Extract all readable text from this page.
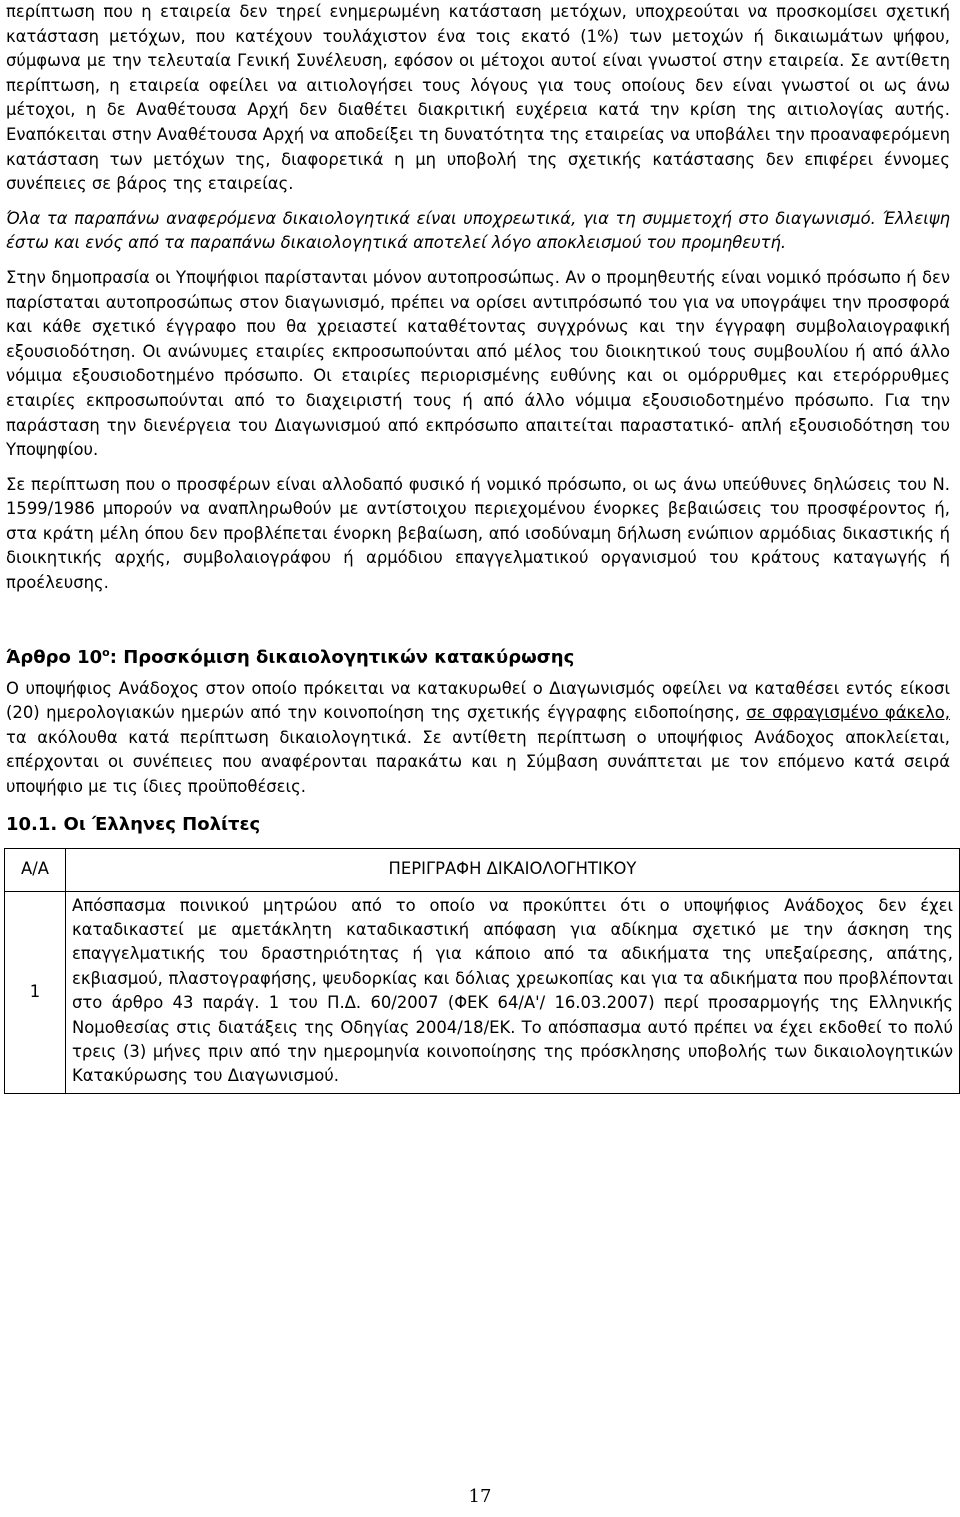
περίπτωση που η εταιρεία δεν τηρεί ενημερωμένη κατάσταση μετόχων, υποχρεούται να προσκομίσει σχετική κατάσταση μετόχων, που κατέχουν τουλάχιστον ένα τοις εκατό (1%) των μετοχών ή δικαιωμάτων ψήφου, σύμφωνα με την τελευταία Γενική Συνέλευση, εφόσον οι μέτοχοι αυτοί είναι γνωστοί στην εταιρεία. Σε αντίθετη περίπτωση, η εταιρεία οφείλει να αιτιολογήσει τους λόγους για τους οποίους δεν είναι γνωστοί οι ως άνω μέτοχοι, η δε Αναθέτουσα Αρχή δεν διαθέτει διακριτική ευχέρεια κατά την κρίση της αιτιολογίας αυτής. Εναπόκειται στην Αναθέτουσα Αρχή να αποδείξει τη δυνατότητα της εταιρείας να υποβάλει την προαναφερόμενη κατάσταση των μετόχων της, διαφορετικά η μη υποβολή της σχετικής κατάστασης δεν επιφέρει έννομες συνέπειες σε βάρος της εταιρείας.

Όλα τα παραπάνω αναφερόμενα δικαιολογητικά είναι υποχρεωτικά, για τη συμμετοχή στο διαγωνισμό. Έλλειψη έστω και ενός από τα παραπάνω δικαιολογητικά αποτελεί λόγο αποκλεισμού του προμηθευτή.

Στην δημοπρασία οι Υποψήφιοι παρίστανται μόνον αυτοπροσώπως. Αν ο προμηθευτής είναι νομικό πρόσωπο ή δεν παρίσταται αυτοπροσώπως στον διαγωνισμό, πρέπει να ορίσει αντιπρόσωπό του για να υπογράψει την προσφορά και κάθε σχετικό έγγραφο που θα χρειαστεί καταθέτοντας συγχρόνως και την έγγραφη συμβολαιογραφική εξουσιοδότηση. Οι ανώνυμες εταιρίες εκπροσωπούνται από μέλος του διοικητικού τους συμβουλίου ή από άλλο νόμιμα εξουσιοδοτημένο πρόσωπο. Οι εταιρίες περιορισμένης ευθύνης και οι ομόρρυθμες και ετερόρρυθμες εταιρίες εκπροσωπούνται από το διαχειριστή τους ή από άλλο νόμιμα εξουσιοδοτημένο πρόσωπο. Για την παράσταση την διενέργεια του Διαγωνισμού από εκπρόσωπο απαιτείται παραστατικό- απλή εξουσιοδότηση του Υποψηφίου.

Σε περίπτωση που ο προσφέρων είναι αλλοδαπό φυσικό ή νομικό πρόσωπο, οι ως άνω υπεύθυνες δηλώσεις του Ν. 1599/1986 μπορούν να αναπληρωθούν με αντίστοιχου περιεχομένου ένορκες βεβαιώσεις του προσφέροντος ή, στα κράτη μέλη όπου δεν προβλέπεται ένορκη βεβαίωση, από ισοδύναμη δήλωση ενώπιον αρμόδιας δικαστικής ή διοικητικής αρχής, συμβολαιογράφου ή αρμόδιου επαγγελματικού οργανισμού του κράτους καταγωγής ή προέλευσης.

Άρθρο $10^o$: Προσκόμιση δικαιολογητικών κατακύρωσης

Ο υποψήφιος Ανάδοχος στον οποίο πρόκειται να κατακυρωθεί ο Διαγωνισμός οφείλει να καταθέσει εντός είκοσι (20) ημερολογιακών ημερών από την κοινοποίηση της σχετικής έγγραφης ειδοποίησης, σε σφραγισμένο φάκελο, τα ακόλουθα κατά περίπτωση δικαιολογητικά. Σε αντίθετη περίπτωση ο υποψήφιος Ανάδοχος αποκλείεται, επέρχονται οι συνέπειες που αναφέρονται παρακάτω και η Σύμβαση συνάπτεται με τον επόμενο κατά σειρά υποψήφιο με τις ίδιες προϋποθέσεις.

10.1. Οι Έλληνες Πολίτες
Α/Α	ΠΕΡΙΓΡΑΦΗ ΔΙΚΑΙΟΛΟΓΗΤΙΚΟΥ
1	Απόσπασμα ποινικού μητρώου από το οποίο να προκύπτει ότι ο υποψήφιος Ανάδοχος δεν έχει καταδικαστεί με αμετάκλητη καταδικαστική απόφαση για αδίκημα σχετικό με την άσκηση της επαγγελματικής του δραστηριότητας ή για κάποιο από τα αδικήματα της υπεξαίρεσης, απάτης, εκβιασμού, πλαστογραφήσης, ψευδορκίας και δόλιας χρεωκοπίας και για τα αδικήματα που προβλέπονται στο άρθρο 43 παράγ. 1 του Π.Δ. 60/2007 (ΦΕΚ 64/Α'/ 16.03.2007) περί προσαρμογής της Ελληνικής Νομοθεσίας στις διατάξεις της Οδηγίας 2004/18/ΕΚ. Το απόσπασμα αυτό πρέπει να έχει εκδοθεί το πολύ τρεις (3) μήνες πριν από την ημερομηνία κοινοποίησης της πρόσκλησης υποβολής των δικαιολογητικών Κατακύρωσης του Διαγωνισμού.
17
